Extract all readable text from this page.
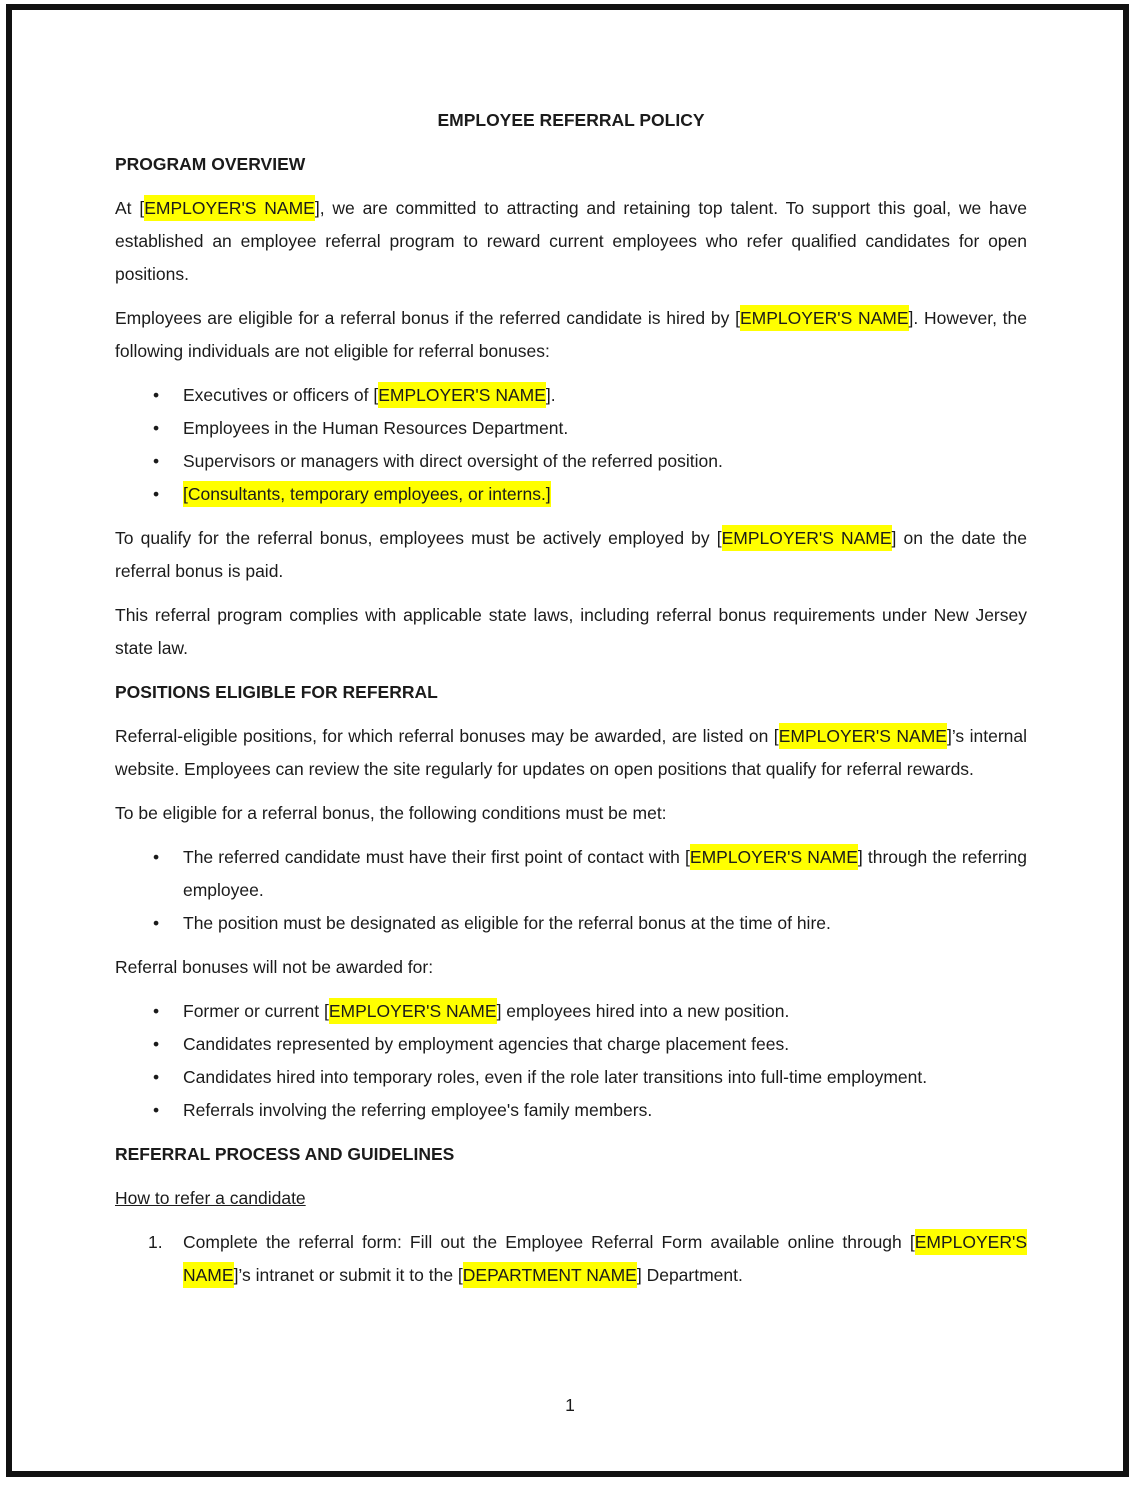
EMPLOYEE REFERRAL POLICY
PROGRAM OVERVIEW

At [EMPLOYER'S NAME], we are committed to attracting and retaining top talent. To support this goal, we have established an employee referral program to reward current employees who refer qualified candidates for open positions.

Employees are eligible for a referral bonus if the referred candidate is hired by [EMPLOYER'S NAME]. However, the following individuals are not eligible for referral bonuses:

• Executives or officers of [EMPLOYER'S NAME].
• Employees in the Human Resources Department.
• Supervisors or managers with direct oversight of the referred position.
• [Consultants, temporary employees, or interns.]

To qualify for the referral bonus, employees must be actively employed by [EMPLOYER'S NAME] on the date the referral bonus is paid.

This referral program complies with applicable state laws, including referral bonus requirements under New Jersey state law.

POSITIONS ELIGIBLE FOR REFERRAL

Referral-eligible positions, for which referral bonuses may be awarded, are listed on [EMPLOYER'S NAME]’s internal website. Employees can review the site regularly for updates on open positions that qualify for referral rewards.

To be eligible for a referral bonus, the following conditions must be met:

• The referred candidate must have their first point of contact with [EMPLOYER'S NAME] through the referring employee.
• The position must be designated as eligible for the referral bonus at the time of hire.

Referral bonuses will not be awarded for:

• Former or current [EMPLOYER'S NAME] employees hired into a new position.
• Candidates represented by employment agencies that charge placement fees.
• Candidates hired into temporary roles, even if the role later transitions into full-time employment.
• Referrals involving the referring employee's family members.
REFERRAL PROCESS AND GUIDELINES
How to refer a candidate
1. Complete the referral form: Fill out the Employee Referral Form available online through [EMPLOYER'S NAME]’s intranet or submit it to the [DEPARTMENT NAME] Department.
1
